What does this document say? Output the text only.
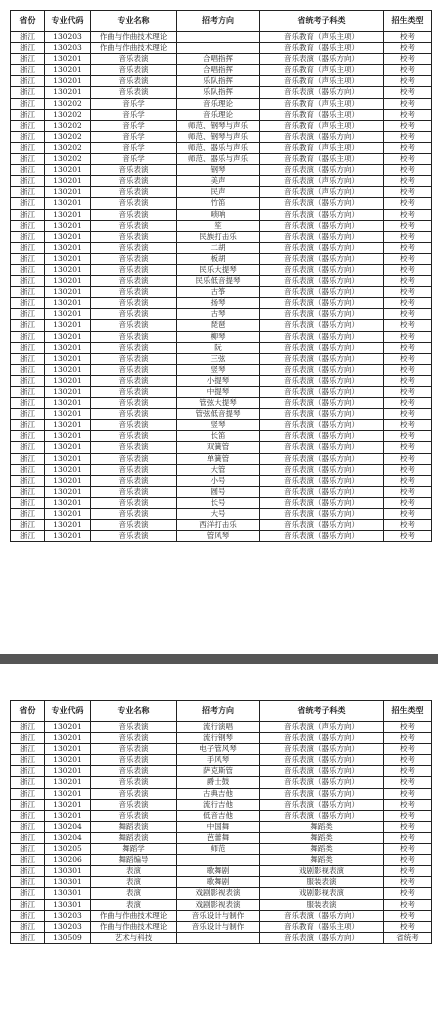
省份	专业代码	专业名称	招考方向	省统考子科类	招生类型
浙江	130203	作曲与作曲技术理论		音乐教育（声乐主项）	校考
浙江	130203	作曲与作曲技术理论		音乐教育（器乐主项）	校考
浙江	130201	音乐表演	合唱指挥	音乐表演（器乐方向）	校考
浙江	130201	音乐表演	合唱指挥	音乐教育（声乐主项）	校考
浙江	130201	音乐表演	乐队指挥	音乐教育（声乐主项）	校考
浙江	130201	音乐表演	乐队指挥	音乐表演（器乐方向）	校考
浙江	130202	音乐学	音乐理论	音乐教育（声乐主项）	校考
浙江	130202	音乐学	音乐理论	音乐教育（器乐主项）	校考
浙江	130202	音乐学	师范、钢琴与声乐	音乐教育（声乐主项）	校考
浙江	130202	音乐学	师范、钢琴与声乐	音乐表演（器乐方向）	校考
浙江	130202	音乐学	师范、器乐与声乐	音乐教育（声乐主项）	校考
浙江	130202	音乐学	师范、器乐与声乐	音乐教育（器乐主项）	校考
浙江	130201	音乐表演	钢琴	音乐表演（器乐方向）	校考
浙江	130201	音乐表演	美声	音乐表演（声乐方向）	校考
浙江	130201	音乐表演	民声	音乐表演（声乐方向）	校考
浙江	130201	音乐表演	竹笛	音乐表演（器乐方向）	校考
浙江	130201	音乐表演	唢呐	音乐表演（器乐方向）	校考
浙江	130201	音乐表演	笙	音乐表演（器乐方向）	校考
浙江	130201	音乐表演	民族打击乐	音乐表演（器乐方向）	校考
浙江	130201	音乐表演	二胡	音乐表演（器乐方向）	校考
浙江	130201	音乐表演	板胡	音乐表演（器乐方向）	校考
浙江	130201	音乐表演	民乐大提琴	音乐表演（器乐方向）	校考
浙江	130201	音乐表演	民乐低音提琴	音乐表演（器乐方向）	校考
浙江	130201	音乐表演	古筝	音乐表演（器乐方向）	校考
浙江	130201	音乐表演	扬琴	音乐表演（器乐方向）	校考
浙江	130201	音乐表演	古琴	音乐表演（器乐方向）	校考
浙江	130201	音乐表演	琵琶	音乐表演（器乐方向）	校考
浙江	130201	音乐表演	柳琴	音乐表演（器乐方向）	校考
浙江	130201	音乐表演	阮	音乐表演（器乐方向）	校考
浙江	130201	音乐表演	三弦	音乐表演（器乐方向）	校考
浙江	130201	音乐表演	竖琴	音乐表演（器乐方向）	校考
浙江	130201	音乐表演	小提琴	音乐表演（器乐方向）	校考
浙江	130201	音乐表演	中提琴	音乐表演（器乐方向）	校考
浙江	130201	音乐表演	管弦大提琴	音乐表演（器乐方向）	校考
浙江	130201	音乐表演	管弦低音提琴	音乐表演（器乐方向）	校考
浙江	130201	音乐表演	竖琴	音乐表演（器乐方向）	校考
浙江	130201	音乐表演	长笛	音乐表演（器乐方向）	校考
浙江	130201	音乐表演	双簧管	音乐表演（器乐方向）	校考
浙江	130201	音乐表演	单簧管	音乐表演（器乐方向）	校考
浙江	130201	音乐表演	大管	音乐表演（器乐方向）	校考
浙江	130201	音乐表演	小号	音乐表演（器乐方向）	校考
浙江	130201	音乐表演	圆号	音乐表演（器乐方向）	校考
浙江	130201	音乐表演	长号	音乐表演（器乐方向）	校考
浙江	130201	音乐表演	大号	音乐表演（器乐方向）	校考
浙江	130201	音乐表演	西洋打击乐	音乐表演（器乐方向）	校考
浙江	130201	音乐表演	管风琴	音乐表演（器乐方向）	校考
省份	专业代码	专业名称	招考方向	省统考子科类	招生类型
浙江	130201	音乐表演	流行演唱	音乐表演（声乐方向）	校考
浙江	130201	音乐表演	流行钢琴	音乐表演（器乐方向）	校考
浙江	130201	音乐表演	电子管风琴	音乐表演（器乐方向）	校考
浙江	130201	音乐表演	手风琴	音乐表演（器乐方向）	校考
浙江	130201	音乐表演	萨克斯管	音乐表演（器乐方向）	校考
浙江	130201	音乐表演	爵士鼓	音乐表演（器乐方向）	校考
浙江	130201	音乐表演	古典吉他	音乐表演（器乐方向）	校考
浙江	130201	音乐表演	流行吉他	音乐表演（器乐方向）	校考
浙江	130201	音乐表演	低音吉他	音乐表演（器乐方向）	校考
浙江	130204	舞蹈表演	中国舞	舞蹈类	校考
浙江	130204	舞蹈表演	芭蕾舞	舞蹈类	校考
浙江	130205	舞蹈学	师范	舞蹈类	校考
浙江	130206	舞蹈编导		舞蹈类	校考
浙江	130301	表演	歌舞剧	戏剧影视表演	校考
浙江	130301	表演	歌舞剧	服装表演	校考
浙江	130301	表演	戏剧影视表演	戏剧影视表演	校考
浙江	130301	表演	戏剧影视表演	服装表演	校考
浙江	130203	作曲与作曲技术理论	音乐设计与制作	音乐表演（器乐方向）	校考
浙江	130203	作曲与作曲技术理论	音乐设计与制作	音乐教育（器乐主项）	校考
浙江	130509	艺术与科技		音乐表演（器乐方向）	省统考
